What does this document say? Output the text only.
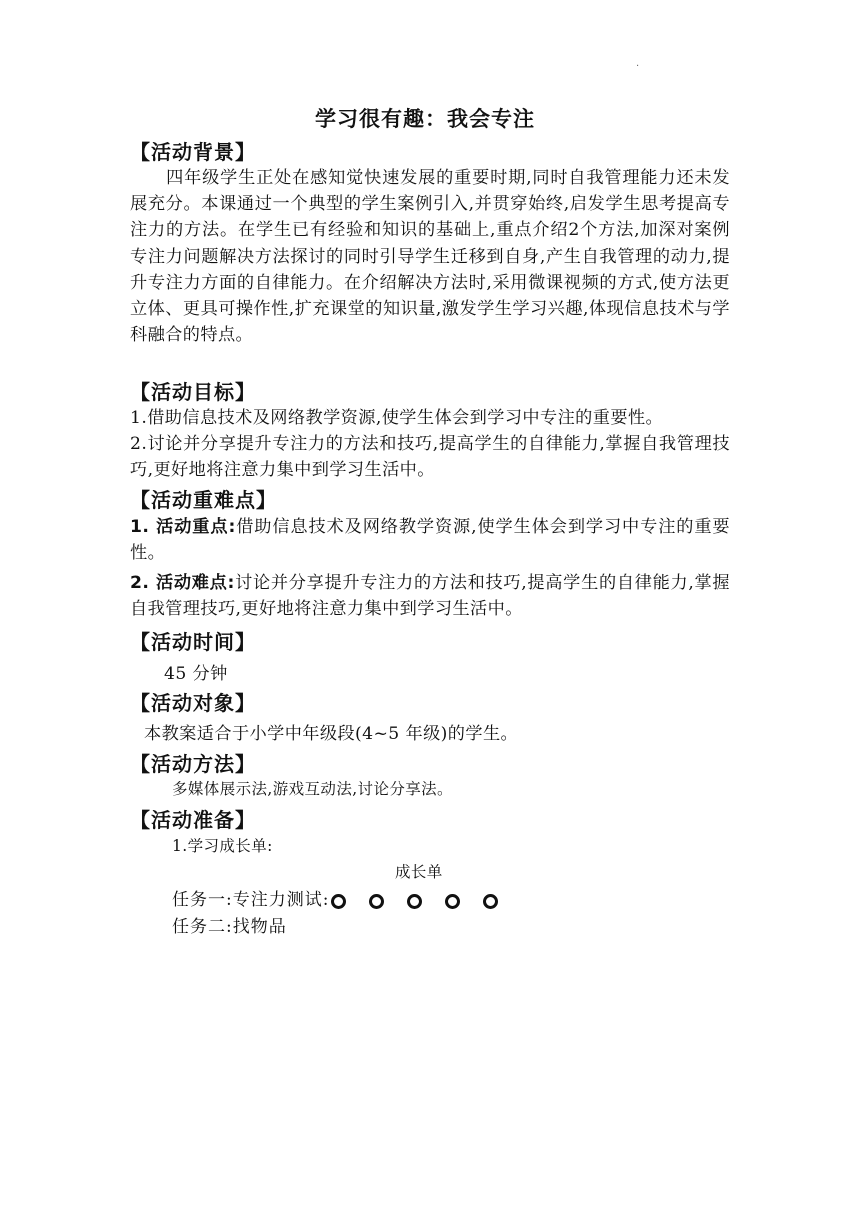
.
学习很有趣：我会专注
【活动背景】
四年级学生正处在感知觉快速发展的重要时期,同时自我管理能力还未发展充分。本课通过一个典型的学生案例引入,并贯穿始终,启发学生思考提高专注力的方法。在学生已有经验和知识的基础上,重点介绍2个方法,加深对案例专注力问题解决方法探讨的同时引导学生迁移到自身,产生自我管理的动力,提升专注力方面的自律能力。在介绍解决方法时,采用微课视频的方式,使方法更立体、更具可操作性,扩充课堂的知识量,激发学生学习兴趣,体现信息技术与学科融合的特点。
【活动目标】
1.借助信息技术及网络教学资源,使学生体会到学习中专注的重要性。
2.讨论并分享提升专注力的方法和技巧,提高学生的自律能力,掌握自我管理技巧,更好地将注意力集中到学习生活中。
【活动重难点】
1. 活动重点:借助信息技术及网络教学资源,使学生体会到学习中专注的重要性。
2. 活动难点:讨论并分享提升专注力的方法和技巧,提高学生的自律能力,掌握自我管理技巧,更好地将注意力集中到学习生活中。
【活动时间】
45 分钟
【活动对象】
本教案适合于小学中年级段(4~5 年级)的学生。
【活动方法】
多媒体展示法,游戏互动法,讨论分享法。
【活动准备】
1.学习成长单:
成长单
任务一:专注力测试:
任务二:找物品
